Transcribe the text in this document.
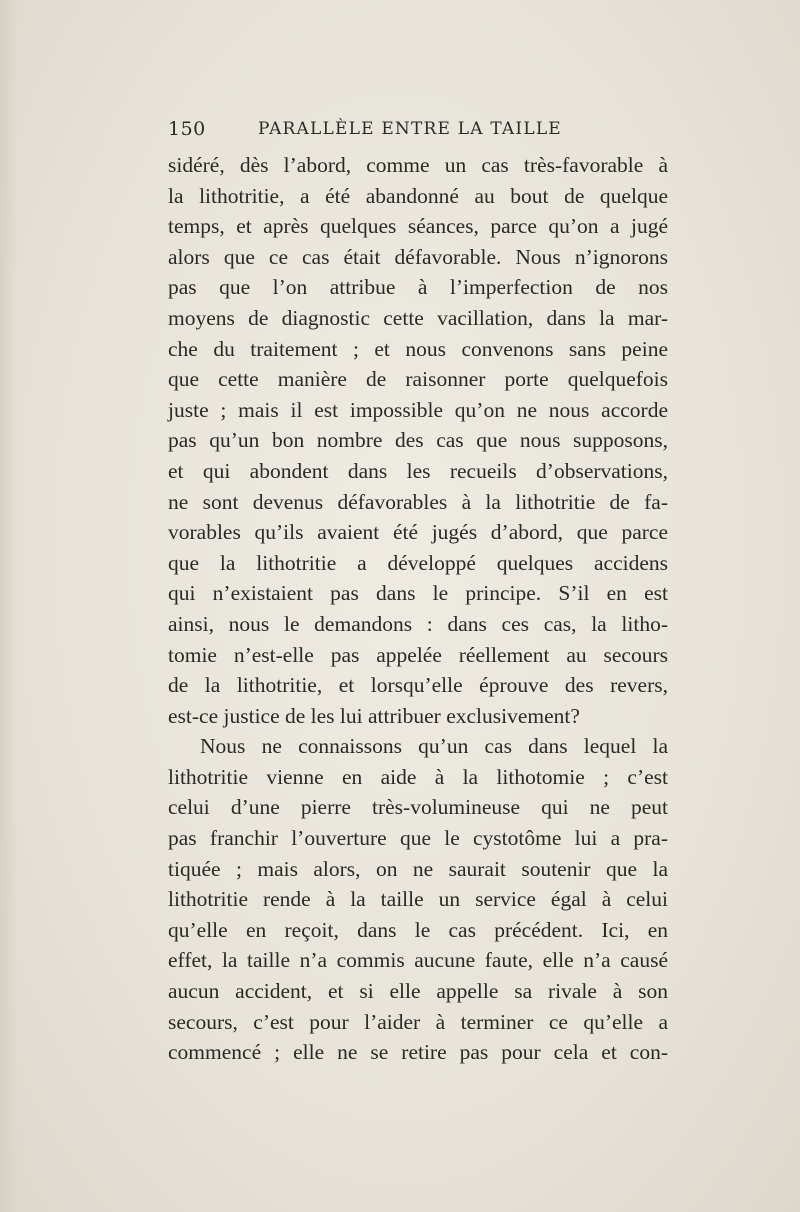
150	PARALLÈLE ENTRE LA TAILLE
sidéré, dès l’abord, comme un cas très-favorable à
la lithotritie, a été abandonné au bout de quelque
temps, et après quelques séances, parce qu’on a jugé
alors que ce cas était défavorable. Nous n’ignorons
pas que l’on attribue à l’imperfection de nos
moyens de diagnostic cette vacillation, dans la mar-
che du traitement ; et nous convenons sans peine
que cette manière de raisonner porte quelquefois
juste ; mais il est impossible qu’on ne nous accorde
pas qu’un bon nombre des cas que nous supposons,
et qui abondent dans les recueils d’observations,
ne sont devenus défavorables à la lithotritie de fa-
vorables qu’ils avaient été jugés d’abord, que parce
que la lithotritie a développé quelques accidens
qui n’existaient pas dans le principe. S’il en est
ainsi, nous le demandons : dans ces cas, la litho-
tomie n’est-elle pas appelée réellement au secours
de la lithotritie, et lorsqu’elle éprouve des revers,
est-ce justice de les lui attribuer exclusivement?
Nous ne connaissons qu’un cas dans lequel la
lithotritie vienne en aide à la lithotomie ; c’est
celui d’une pierre très-volumineuse qui ne peut
pas franchir l’ouverture que le cystotôme lui a pra-
tiquée ; mais alors, on ne saurait soutenir que la
lithotritie rende à la taille un service égal à celui
qu’elle en reçoit, dans le cas précédent. Ici, en
effet, la taille n’a commis aucune faute, elle n’a causé
aucun accident, et si elle appelle sa rivale à son
secours, c’est pour l’aider à terminer ce qu’elle a
commencé ; elle ne se retire pas pour cela et con-
